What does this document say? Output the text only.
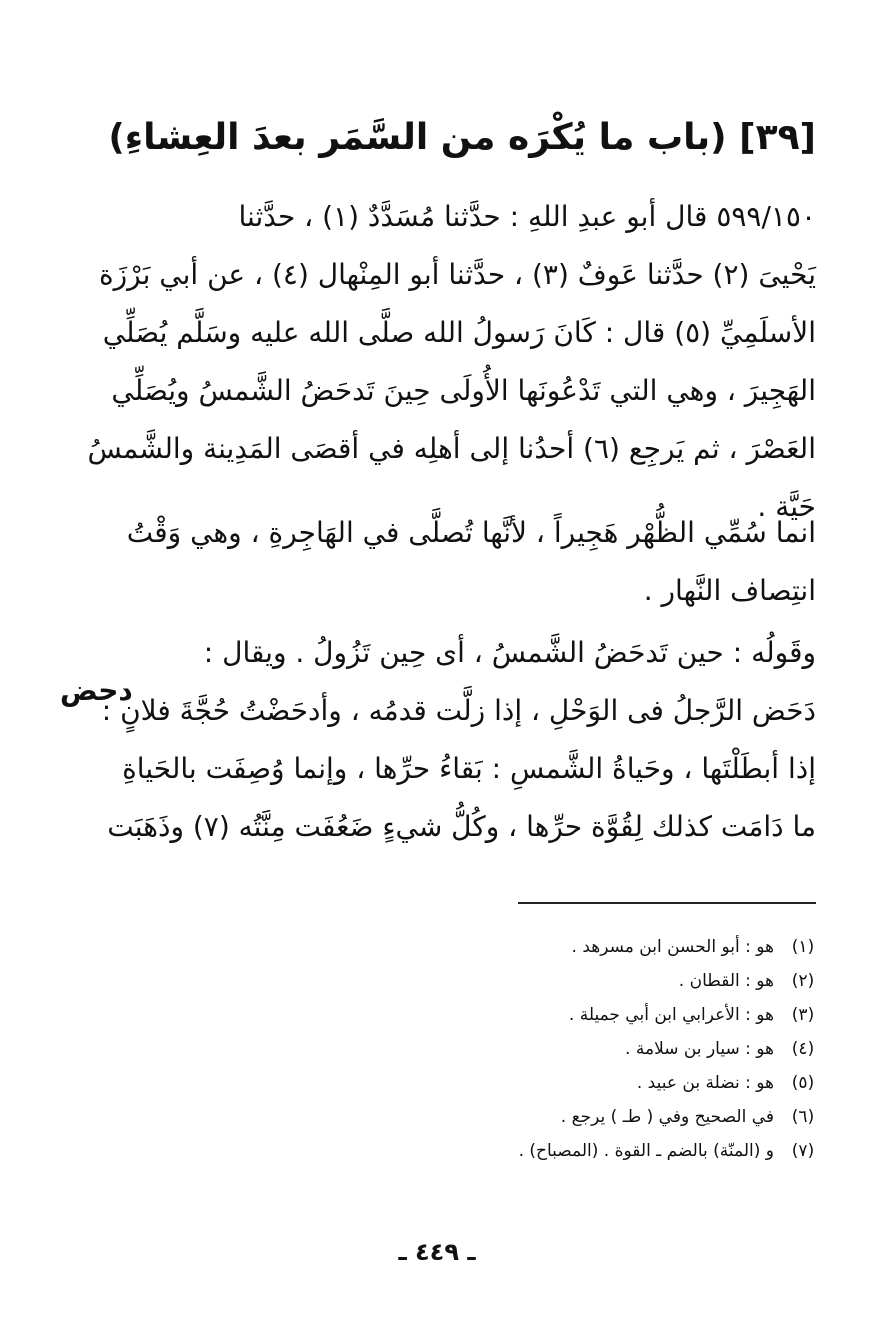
[٣٩] (باب ما يُكْرَه من السَّمَر بعدَ العِشاءِ)
٥٩٩/١٥٠ قال أبو عبدِ اللهِ : حدَّثنا مُسَدَّدٌ (١) ، حدَّثنا
يَحْيىَ (٢) حدَّثنا عَوفٌ (٣) ، حدَّثنا أبو المِنْهال (٤) ، عن أبي بَرْزَة
الأسلَمِيِّ (٥) قال : كَانَ رَسولُ الله صلَّى الله عليه وسَلَّم يُصَلِّي
الهَجِيرَ ، وهي التي تَدْعُونَها الأُولَى حِينَ تَدحَضُ الشَّمسُ ويُصَلِّي
العَصْرَ ، ثم يَرجِع (٦) أحدُنا إلى أهلِه في أقصَى المَدِينة والشَّمسُ
حَيَّة .
انما سُمِّي الظُّهْر هَجِيراً ، لأنَّها تُصلَّى في الهَاجِرةِ ، وهي وَقْتُ
انتِصاف النَّهار .
وقَولُه : حين تَدحَضُ الشَّمسُ ، أى حِين تَزُولُ . ويقال :
دَحَض الرَّجلُ فى الوَحْلِ ، إذا زلَّت قدمُه ، وأدحَضْتُ حُجَّةَ فلانٍ :
إذا أبطَلْتَها ، وحَياةُ الشَّمسِ : بَقاءُ حرِّها ، وإنما وُصِفَت بالحَياةِ
ما دَامَت كذلك لِقُوَّة حرِّها ، وكُلُّ شيءٍ ضَعُفَت مِنَّتُه (٧) وذَهَبَت
دحض
(١)
هو : أبو الحسن ابن مسرهد .
(٢)
هو : القطان .
(٣)
هو : الأعرابي ابن أبي جميلة .
(٤)
هو : سيار بن سلامة .
(٥)
هو : نضلة بن عبيد .
(٦)
في الصحيح وفي ( طـ ) يرجع .
(٧)
و (المنّة) بالضم ـ القوة . (المصباح) .
ـ ٤٤٩ ـ
